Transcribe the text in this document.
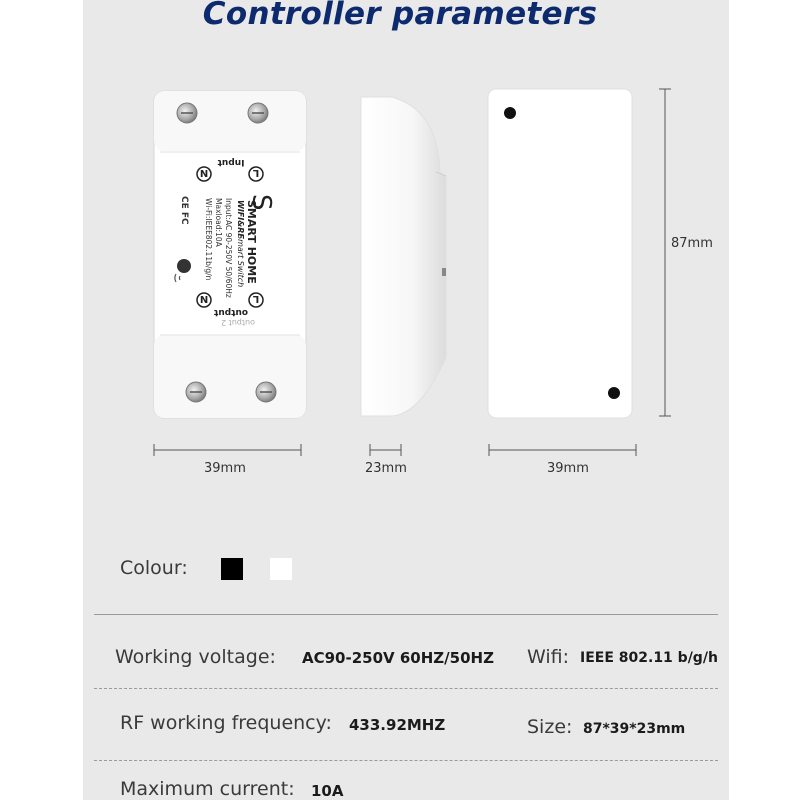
Controller parameters
N	L
Input
N	L
output
output 2
SMART HOME
WIFI&RF
Smart Switch
Input:AC 90-250V 50/60Hz
Maxload:10A
Wi-Fi:IEEE802.11b/g/n
CE FC S
39mm	23mm	39mm
87mm
Colour:
Working voltage: AC90-250V 60HZ/50HZ Wifi: IEEE 802.11 b/g/h
RF working frequency: 433.92MHZ	Size: 87*39*23mm
Maximum current: 10A
